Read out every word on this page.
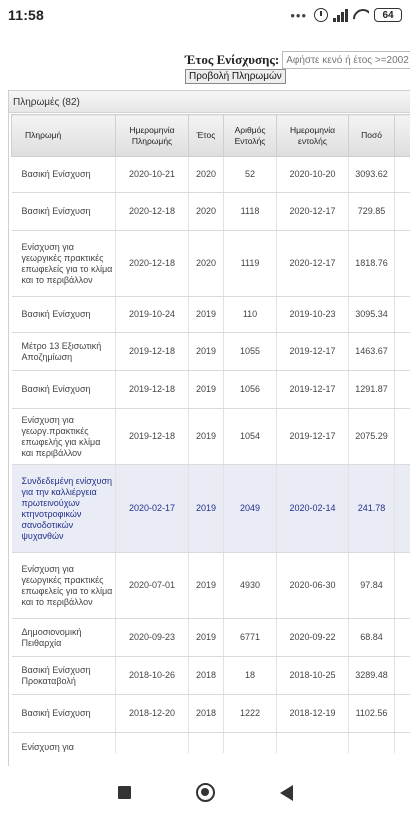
11:58	•••	64
Έτος Ενίσχυσης:
Αφήστε κενό ή έτος >=2002
Προβολή Πληρωμών
Πληρωμές (82)
Πληρωμή	Ημερομηνία Πληρωμής	Έτος	Αριθμός Εντολής	Ημερομηνία εντολής	Ποσό	
Βασική Ενίσχυση	2020-10-21	2020	52	2020-10-20	3093.62	
Βασική Ενίσχυση	2020-12-18	2020	1118	2020-12-17	729.85	
Ενίσχυση για γεωργικές πρακτικές επωφελείς για το κλίμα και το περιβάλλον	2020-12-18	2020	1119	2020-12-17	1818.76	
Βασική Ενίσχυση	2019-10-24	2019	110	2019-10-23	3095.34	
Μέτρο 13 Εξισωτική Αποζημίωση	2019-12-18	2019	1055	2019-12-17	1463.67	
Βασική Ενίσχυση	2019-12-18	2019	1056	2019-12-17	1291.87	
Ενίσχυση για γεωργ.πρακτικές επωφελής για κλίμα και περιβάλλον	2019-12-18	2019	1054	2019-12-17	2075.29	
Συνδεδεμένη ενίσχυση για την καλλιέργεια πρωτεινούχων κτηνοτροφικών σανοδοτικών ψυχανθών	2020-02-17	2019	2049	2020-02-14	241.78	
Ενίσχυση για γεωργικές πρακτικές επωφελείς για το κλίμα και το περιβάλλον	2020-07-01	2019	4930	2020-06-30	97.84	
Δημοσιονομική Πειθαρχία	2020-09-23	2019	6771	2020-09-22	68.84	
Βασική Ενίσχυση Προκαταβολή	2018-10-26	2018	18	2018-10-25	3289.48	
Βασική Ενίσχυση	2018-12-20	2018	1222	2018-12-19	1102.56	
Ενίσχυση για						
